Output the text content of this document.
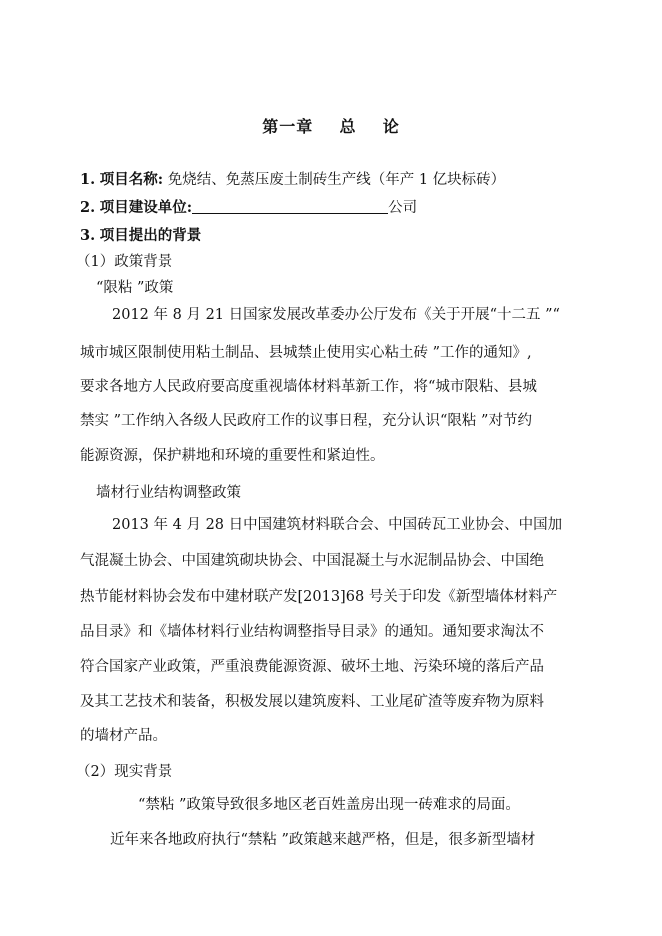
第一章    总    论
1. 项目名称: 免烧结、免蒸压废土制砖生产线（年产 1 亿块标砖）
2. 项目建设单位:	公司
3. 项目提出的背景
（1）政策背景
“限粘 ”政策
2012 年 8 月 21 日国家发展改革委办公厅发布《关于开展“十二五 ”“
城市城区限制使用粘土制品、县城禁止使用实心粘土砖 ”工作的通知》,
要求各地方人民政府要高度重视墙体材料革新工作，将“城市限粘、县城
禁实 ”工作纳入各级人民政府工作的议事日程，充分认识“限粘 ”对节约
能源资源，保护耕地和环境的重要性和紧迫性。
墙材行业结构调整政策
2013 年 4 月 28 日中国建筑材料联合会、中国砖瓦工业协会、中国加
气混凝土协会、中国建筑砌块协会、中国混凝土与水泥制品协会、中国绝
热节能材料协会发布中建材联产发[2013]68 号关于印发《新型墙体材料产
品目录》和《墙体材料行业结构调整指导目录》的通知。通知要求淘汰不
符合国家产业政策，严重浪费能源资源、破坏土地、污染环境的落后产品
及其工艺技术和装备，积极发展以建筑废料、工业尾矿渣等废弃物为原料
的墙材产品。
（2）现实背景
“禁粘 ”政策导致很多地区老百姓盖房出现一砖难求的局面。
近年来各地政府执行“禁粘 ”政策越来越严格，但是，很多新型墙材
